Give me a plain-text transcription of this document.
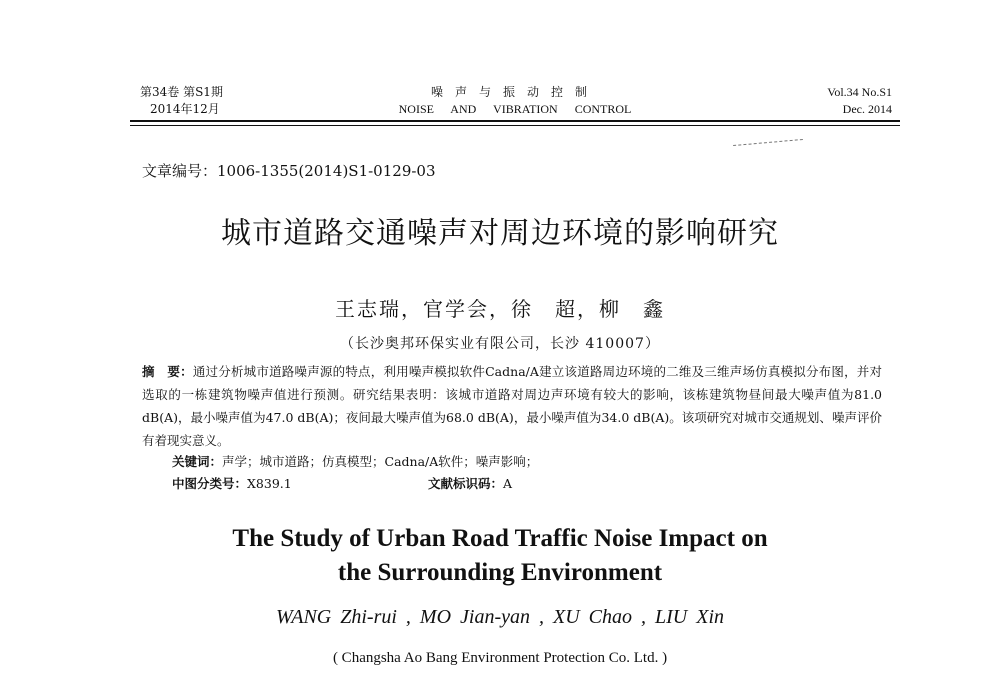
第34卷 第S1期
2014年12月
噪声与振动控制
NOISE AND VIBRATION CONTROL
Vol.34 No.S1
Dec. 2014
文章编号：1006-1355(2014)S1-0129-03
城市道路交通噪声对周边环境的影响研究
王志瑞，官学会，徐　超，柳　鑫
（长沙奥邦环保实业有限公司，长沙 410007）
摘　要：通过分析城市道路噪声源的特点，利用噪声模拟软件Cadna/A建立该道路周边环境的二维及三维声场仿真模拟分布图，并对选取的一栋建筑物噪声值进行预测。研究结果表明：该城市道路对周边声环境有较大的影响，该栋建筑物昼间最大噪声值为81.0 dB(A)，最小噪声值为47.0 dB(A)；夜间最大噪声值为68.0 dB(A)，最小噪声值为34.0 dB(A)。该项研究对城市交通规划、噪声评价有着现实意义。
关键词：声学；城市道路；仿真模型；Cadna/A软件；噪声影响；
中图分类号：X839.1	文献标识码：A
The Study of Urban Road Traffic Noise Impact on
the Surrounding Environment
WANG Zhi-rui , MO Jian-yan , XU Chao , LIU Xin
( Changsha Ao Bang Environment Protection Co. Ltd. )
